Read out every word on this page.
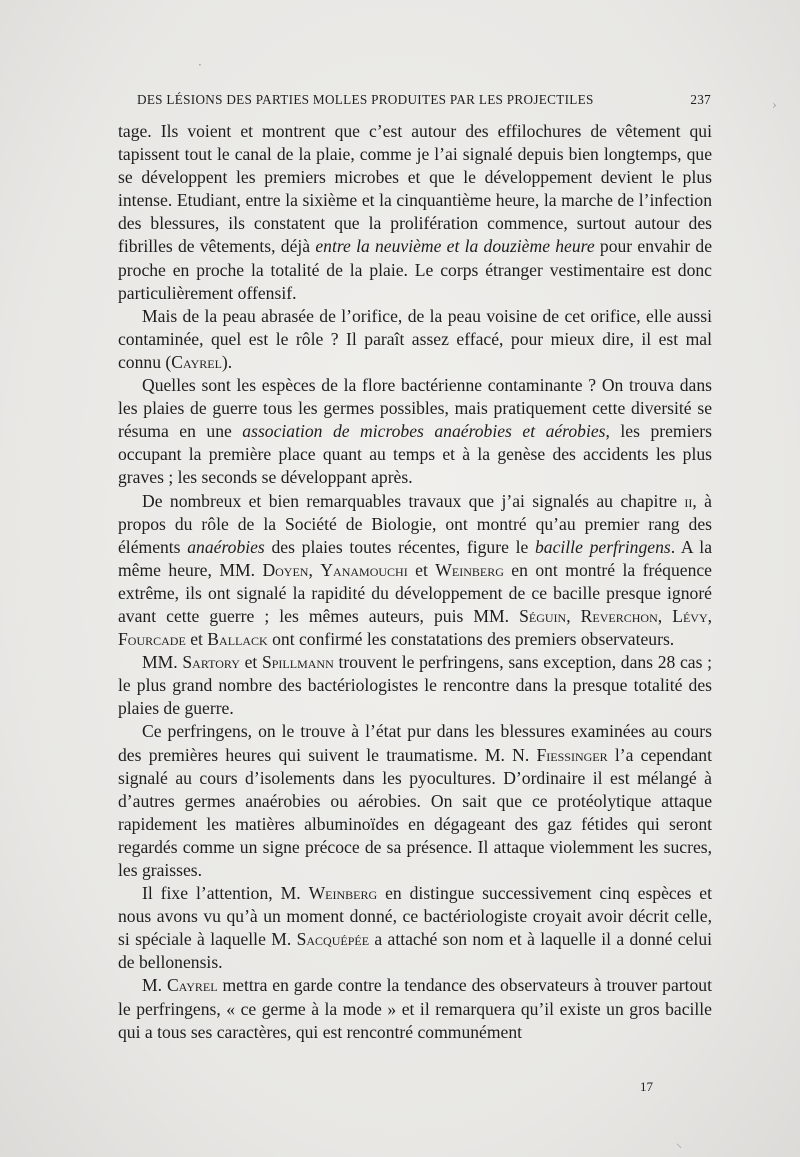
·
›
⸜
DES LÉSIONS DES PARTIES MOLLES PRODUITES PAR LES PROJECTILES	237

tage. Ils voient et montrent que c’est autour des effilochures de vêtement qui tapissent tout le canal de la plaie, comme je l’ai signalé depuis bien longtemps, que se développent les premiers microbes et que le développement devient le plus intense. Etudiant, entre la sixième et la cinquantième heure, la marche de l’infection des blessures, ils constatent que la prolifération commence, surtout autour des fibrilles de vêtements, déjà entre la neuvième et la douzième heure pour envahir de proche en proche la totalité de la plaie. Le corps étranger vestimentaire est donc particulièrement offensif.

Mais de la peau abrasée de l’orifice, de la peau voisine de cet orifice, elle aussi contaminée, quel est le rôle ? Il paraît assez effacé, pour mieux dire, il est mal connu (Cayrel).

Quelles sont les espèces de la flore bactérienne contaminante ? On trouva dans les plaies de guerre tous les germes possibles, mais pratiquement cette diversité se résuma en une association de microbes anaérobies et aérobies, les premiers occupant la première place quant au temps et à la genèse des accidents les plus graves ; les seconds se développant après.

De nombreux et bien remarquables travaux que j’ai signalés au chapitre ii, à propos du rôle de la Société de Biologie, ont montré qu’au premier rang des éléments anaérobies des plaies toutes récentes, figure le bacille perfringens. A la même heure, MM. Doyen, Yanamouchi et Weinberg en ont montré la fréquence extrême, ils ont signalé la rapidité du développement de ce bacille presque ignoré avant cette guerre ; les mêmes auteurs, puis MM. Séguin, Reverchon, Lévy, Fourcade et Ballack ont confirmé les constatations des premiers observateurs.

MM. Sartory et Spillmann trouvent le perfringens, sans exception, dans 28 cas ; le plus grand nombre des bactériologistes le rencontre dans la presque totalité des plaies de guerre.

Ce perfringens, on le trouve à l’état pur dans les blessures examinées au cours des premières heures qui suivent le traumatisme. M. N. Fiessinger l’a cependant signalé au cours d’isolements dans les pyocultures. D’ordinaire il est mélangé à d’autres germes anaérobies ou aérobies. On sait que ce protéolytique attaque rapidement les matières albuminoïdes en dégageant des gaz fétides qui seront regardés comme un signe précoce de sa présence. Il attaque violemment les sucres, les graisses.

Il fixe l’attention, M. Weinberg en distingue successivement cinq espèces et nous avons vu qu’à un moment donné, ce bactériologiste croyait avoir décrit celle, si spéciale à laquelle M. Sacquépée a attaché son nom et à laquelle il a donné celui de bellonensis.

M. Cayrel mettra en garde contre la tendance des observateurs à trouver partout le perfringens, « ce germe à la mode » et il remarquera qu’il existe un gros bacille qui a tous ses caractères, qui est rencontré communément

17
